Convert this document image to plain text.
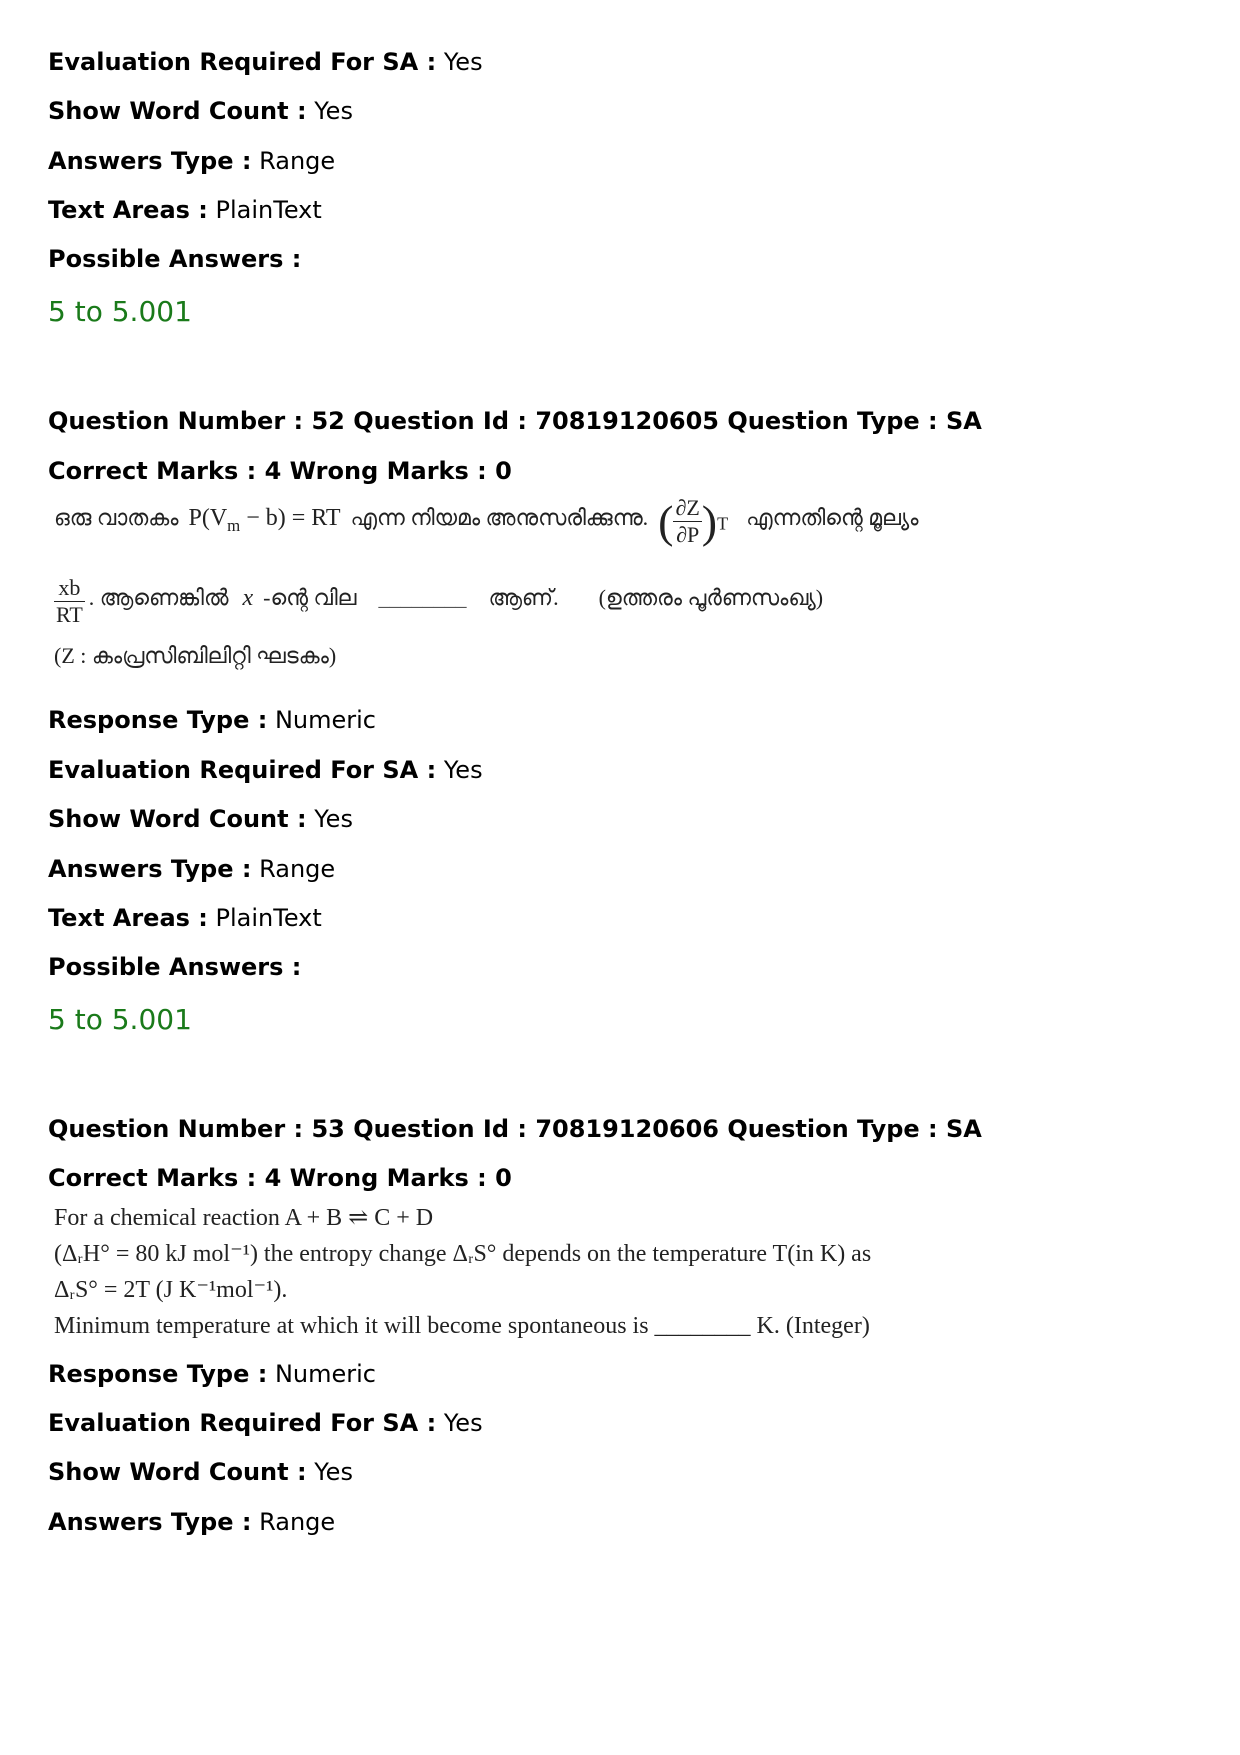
Evaluation Required For SA : Yes
Show Word Count : Yes
Answers Type : Range
Text Areas : PlainText
Possible Answers :
5 to 5.001
Question Number : 52 Question Id : 70819120605 Question Type : SA
Correct Marks : 4 Wrong Marks : 0
ഒരു വാതകം $P(V_m - b)$ = RT എന്ന നിയമം അനുസരിക്കുന്നു. ( $\frac{\partial Z}{\partial P} )_T$ എന്നതിന്റെ മൂല്യം
$\frac{xb}{RT}$ . ആണെങ്കിൽ x -ന്റെ വില ________ ആണ്. (ഉത്തരം പൂർണസംഖ്യ)
(Z : കംപ്രസിബിലിറ്റി ഘടകം)
Response Type : Numeric
Evaluation Required For SA : Yes
Show Word Count : Yes
Answers Type : Range
Text Areas : PlainText
Possible Answers :
5 to 5.001
Question Number : 53 Question Id : 70819120606 Question Type : SA
Correct Marks : 4 Wrong Marks : 0
For a chemical reaction A + B ⇌ C + D
(ΔᵣH° = 80 kJ mol⁻¹) the entropy change ΔᵣS° depends on the temperature T(in K) as
ΔᵣS° = 2T (J K⁻¹mol⁻¹).
Minimum temperature at which it will become spontaneous is ________ K. (Integer)
Response Type : Numeric
Evaluation Required For SA : Yes
Show Word Count : Yes
Answers Type : Range
